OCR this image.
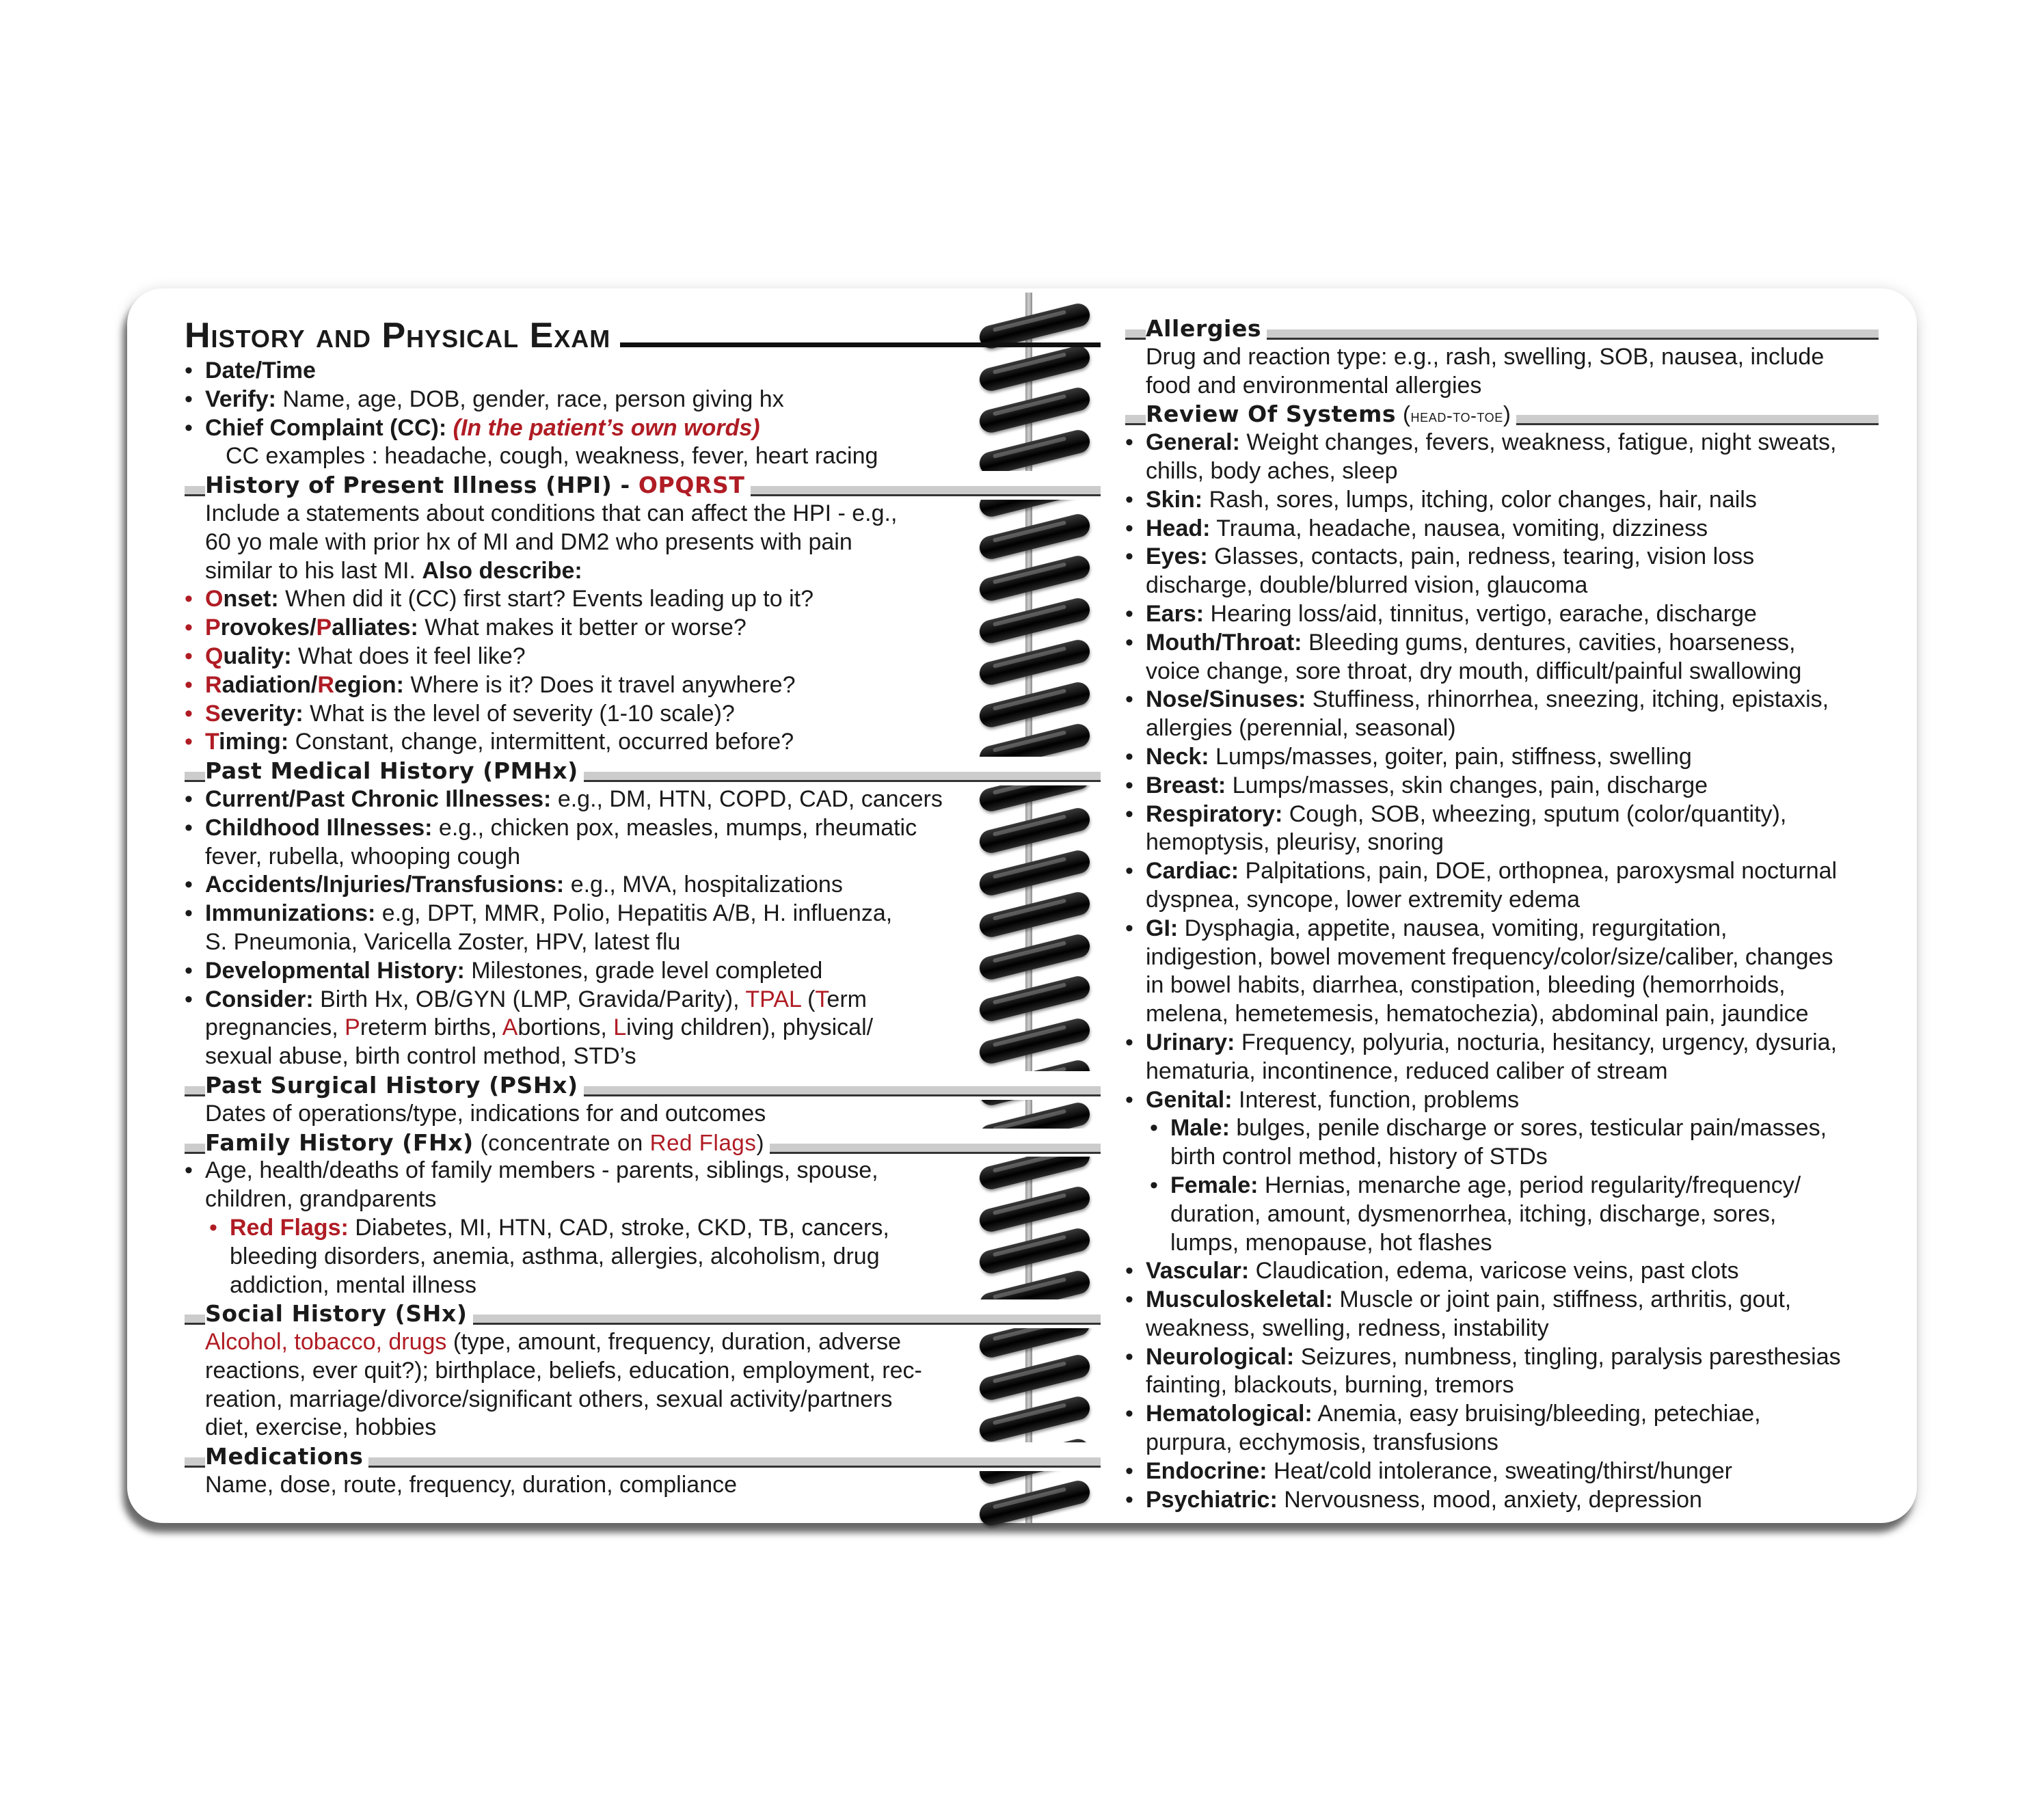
History and Physical Exam
• Date/Time
• Verify: Name, age, DOB, gender, race, person giving hx
• Chief Complaint (CC): (In the patient’s own words)
CC examples : headache, cough, weakness, fever, heart racing
History of Present Illness (HPI) - OPQRST
Include a statements about conditions that can affect the HPI - e.g.,
60 yo male with prior hx of MI and DM2 who presents with pain
similar to his last MI. Also describe:
• Onset: When did it (CC) first start? Events leading up to it?
• Provokes/Palliates: What makes it better or worse?
• Quality: What does it feel like?
• Radiation/Region: Where is it? Does it travel anywhere?
• Severity: What is the level of severity (1-10 scale)?
• Timing: Constant, change, intermittent, occurred before?
Past Medical History (PMHx)
• Current/Past Chronic Illnesses: e.g., DM, HTN, COPD, CAD, cancers
• Childhood Illnesses: e.g., chicken pox, measles, mumps, rheumatic
fever, rubella, whooping cough
• Accidents/Injuries/Transfusions: e.g., MVA, hospitalizations
• Immunizations: e.g, DPT, MMR, Polio, Hepatitis A/B, H. influenza,
S. Pneumonia, Varicella Zoster, HPV, latest flu
• Developmental History: Milestones, grade level completed
• Consider: Birth Hx, OB/GYN (LMP, Gravida/Parity), TPAL (Term
pregnancies, Preterm births, Abortions, Living children), physical/
sexual abuse, birth control method, STD’s
Past Surgical History (PSHx)
Dates of operations/type, indications for and outcomes
Family History (FHx) (concentrate on Red Flags)
• Age, health/deaths of family members - parents, siblings, spouse,
children, grandparents
• Red Flags: Diabetes, MI, HTN, CAD, stroke, CKD, TB, cancers,
bleeding disorders, anemia, asthma, allergies, alcoholism, drug
addiction, mental illness
Social History (SHx)
Alcohol, tobacco, drugs (type, amount, frequency, duration, adverse
reactions, ever quit?); birthplace, beliefs, education, employment, rec-
reation, marriage/divorce/significant others, sexual activity/partners
diet, exercise, hobbies
Medications
Name, dose, route, frequency, duration, compliance
Allergies
Drug and reaction type: e.g., rash, swelling, SOB, nausea, include
food and environmental allergies
Review Of Systems (head-to-toe)
• General: Weight changes, fevers, weakness, fatigue, night sweats,
chills, body aches, sleep
• Skin: Rash, sores, lumps, itching, color changes, hair, nails
• Head: Trauma, headache, nausea, vomiting, dizziness
• Eyes: Glasses, contacts, pain, redness, tearing, vision loss
discharge, double/blurred vision, glaucoma
• Ears: Hearing loss/aid, tinnitus, vertigo, earache, discharge
• Mouth/Throat: Bleeding gums, dentures, cavities, hoarseness,
voice change, sore throat, dry mouth, difficult/painful swallowing
• Nose/Sinuses: Stuffiness, rhinorrhea, sneezing, itching, epistaxis,
allergies (perennial, seasonal)
• Neck: Lumps/masses, goiter, pain, stiffness, swelling
• Breast: Lumps/masses, skin changes, pain, discharge
• Respiratory: Cough, SOB, wheezing, sputum (color/quantity),
hemoptysis, pleurisy, snoring
• Cardiac: Palpitations, pain, DOE, orthopnea, paroxysmal nocturnal
dyspnea, syncope, lower extremity edema
• GI: Dysphagia, appetite, nausea, vomiting, regurgitation,
indigestion, bowel movement frequency/color/size/caliber, changes
in bowel habits, diarrhea, constipation, bleeding (hemorrhoids,
melena, hemetemesis, hematochezia), abdominal pain, jaundice
• Urinary: Frequency, polyuria, nocturia, hesitancy, urgency, dysuria,
hematuria, incontinence, reduced caliber of stream
• Genital: Interest, function, problems
• Male: bulges, penile discharge or sores, testicular pain/masses,
birth control method, history of STDs
• Female: Hernias, menarche age, period regularity/frequency/
duration, amount, dysmenorrhea, itching, discharge, sores,
lumps, menopause, hot flashes
• Vascular: Claudication, edema, varicose veins, past clots
• Musculoskeletal: Muscle or joint pain, stiffness, arthritis, gout,
weakness, swelling, redness, instability
• Neurological: Seizures, numbness, tingling, paralysis paresthesias
fainting, blackouts, burning, tremors
• Hematological: Anemia, easy bruising/bleeding, petechiae,
purpura, ecchymosis, transfusions
• Endocrine: Heat/cold intolerance, sweating/thirst/hunger
• Psychiatric: Nervousness, mood, anxiety, depression
